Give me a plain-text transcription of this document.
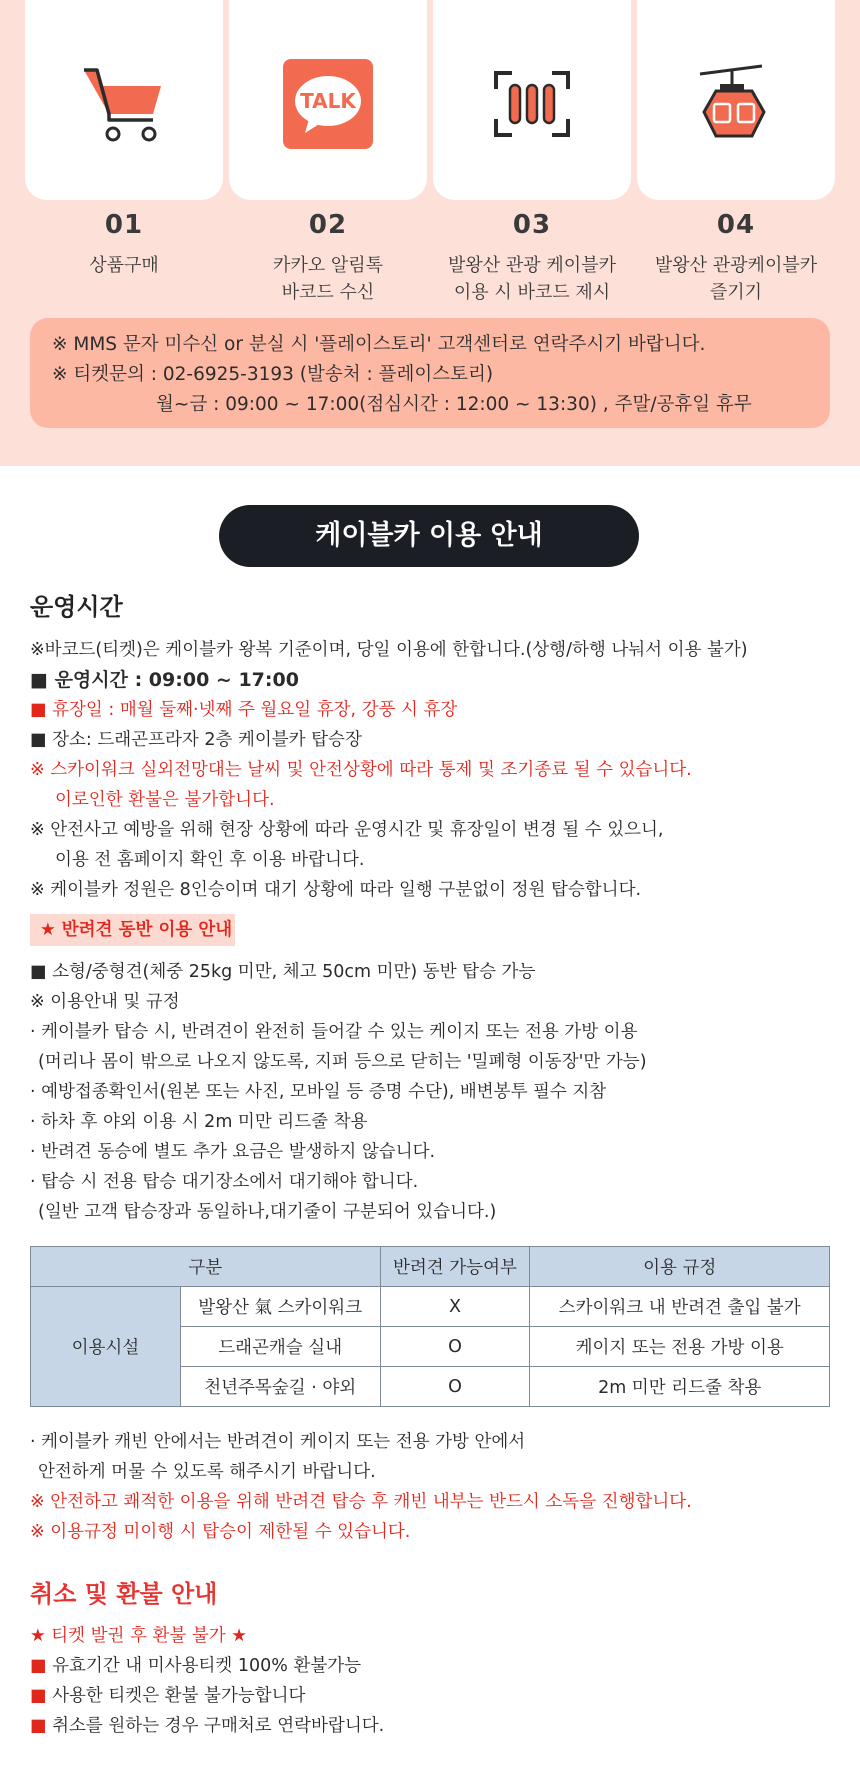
01
상품구매
TALK
02
카카오 알림톡
바코드 수신
03
발왕산 관광 케이블카
이용 시 바코드 제시
04
발왕산 관광케이블카
즐기기
※ MMS 문자 미수신 or 분실 시 '플레이스토리' 고객센터로 연락주시기 바랍니다.
※ 티켓문의 : 02-6925-3193 (발송처 : 플레이스토리)
월~금 : 09:00 ~ 17:00(점심시간 : 12:00 ~ 13:30) , 주말/공휴일 휴무
케이블카 이용 안내
운영시간
※바코드(티켓)은 케이블카 왕복 기준이며, 당일 이용에 한합니다.(상행/하행 나눠서 이용 불가)
■ 운영시간 : 09:00 ~ 17:00
■ 휴장일 : 매월 둘째·넷째 주 월요일 휴장, 강풍 시 휴장
■ 장소: 드래곤프라자 2층 케이블카 탑승장
※ 스카이워크 실외전망대는 날씨 및 안전상황에 따라 통제 및 조기종료 될 수 있습니다.
이로인한 환불은 불가합니다.
※ 안전사고 예방을 위해 현장 상황에 따라 운영시간 및 휴장일이 변경 될 수 있으니,
이용 전 홈페이지 확인 후 이용 바랍니다.
※ 케이블카 정원은 8인승이며 대기 상황에 따라 일행 구분없이 정원 탑승합니다.
★ 반려견 동반 이용 안내
■ 소형/중형견(체중 25kg 미만, 체고 50cm 미만) 동반 탑승 가능
※ 이용안내 및 규정
· 케이블카 탑승 시, 반려견이 완전히 들어갈 수 있는 케이지 또는 전용 가방 이용
(머리나 몸이 밖으로 나오지 않도록, 지퍼 등으로 닫히는 '밀폐형 이동장'만 가능)
· 예방접종확인서(원본 또는 사진, 모바일 등 증명 수단), 배변봉투 필수 지참
· 하차 후 야외 이용 시 2m 미만 리드줄 착용
· 반려견 동승에 별도 추가 요금은 발생하지 않습니다.
· 탑승 시 전용 탑승 대기장소에서 대기해야 합니다.
(일반 고객 탑승장과 동일하나,대기줄이 구분되어 있습니다.)
구분		반려견 가능여부	이용 규정
이용시설	발왕산 氣 스카이워크	X	스카이워크 내 반려견 출입 불가
	드래곤캐슬 실내	O	케이지 또는 전용 가방 이용
	천년주목숲길 · 야외	O	2m 미만 리드줄 착용
· 케이블카 캐빈 안에서는 반려견이 케이지 또는 전용 가방 안에서
안전하게 머물 수 있도록 해주시기 바랍니다.
※ 안전하고 쾌적한 이용을 위해 반려견 탑승 후 캐빈 내부는 반드시 소독을 진행합니다.
※ 이용규정 미이행 시 탑승이 제한될 수 있습니다.
취소 및 환불 안내
★ 티켓 발권 후 환불 불가 ★
■ 유효기간 내 미사용티켓 100% 환불가능
■ 사용한 티켓은 환불 불가능합니다
■ 취소를 원하는 경우 구매처로 연락바랍니다.
